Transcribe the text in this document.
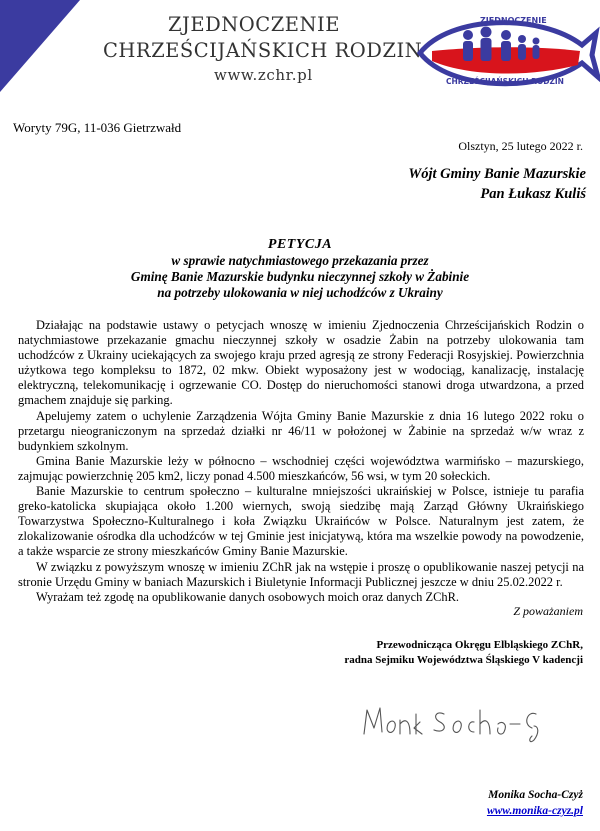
ZJEDNOCZENIE
CHRZEŚCIJAŃSKICH RODZIN
www.zchr.pl
ZJEDNOCZENIE
CHRZEŚCIJAŃSKICH RODZIN
Woryty 79G, 11-036 Gietrzwałd
Olsztyn, 25 lutego 2022 r.
Wójt Gminy Banie Mazurskie
Pan Łukasz Kuliś
PETYCJA
w sprawie natychmiastowego przekazania przez
Gminę Banie Mazurskie budynku nieczynnej szkoły w Żabinie
na potrzeby ulokowania w niej uchodźców z Ukrainy

Działając na podstawie ustawy o petycjach wnoszę w imieniu Zjednoczenia Chrześcijańskich Rodzin o natychmiastowe przekazanie gmachu nieczynnej szkoły w osadzie Żabin na potrzeby ulokowania tam uchodźców z Ukrainy uciekających za swojego kraju przed agresją ze strony Federacji Rosyjskiej. Powierzchnia użytkowa tego kompleksu to 1872, 02 mkw. Obiekt wyposażony jest w wodociąg, kanalizację, instalację elektryczną, telekomunikację i ogrzewanie CO. Dostęp do nieruchomości stanowi droga utwardzona, a przed gmachem znajduje się parking.

Apelujemy zatem o uchylenie Zarządzenia Wójta Gminy Banie Mazurskie z dnia 16 lutego 2022 roku o przetargu nieograniczonym na sprzedaż działki nr 46/11 w położonej w Żabinie na sprzedaż w/w wraz z budynkiem szkolnym.

Gmina Banie Mazurskie leży w północno – wschodniej części województwa warmińsko – mazurskiego, zajmując powierzchnię 205 km2, liczy ponad 4.500 mieszkańców, 56 wsi, w tym 20 sołeckich.

Banie Mazurskie to centrum społeczno – kulturalne mniejszości ukraińskiej w Polsce, istnieje tu parafia greko-katolicka skupiająca około 1.200 wiernych, swoją siedzibę mają Zarząd Główny Ukraińskiego Towarzystwa Społeczno-Kulturalnego i koła Związku Ukraińców w Polsce. Naturalnym jest zatem, że zlokalizowanie ośrodka dla uchodźców w tej Gminie jest inicjatywą, która ma wszelkie powody na powodzenie, a także wsparcie ze strony mieszkańców Gminy Banie Mazurskie.

W związku z powyższym wnoszę w imieniu ZChR jak na wstępie i proszę o opublikowanie naszej petycji na stronie Urzędu Gminy w baniach Mazurskich i Biuletynie Informacji Publicznej jeszcze w dniu 25.02.2022 r.

Wyrażam też zgodę na opublikowanie danych osobowych moich oraz danych ZChR.

Z poważaniem
Przewodnicząca Okręgu Elbląskiego ZChR,
radna Sejmiku Województwa Śląskiego V kadencji
Monika Socha-Czyż
www.monika-czyz.pl
